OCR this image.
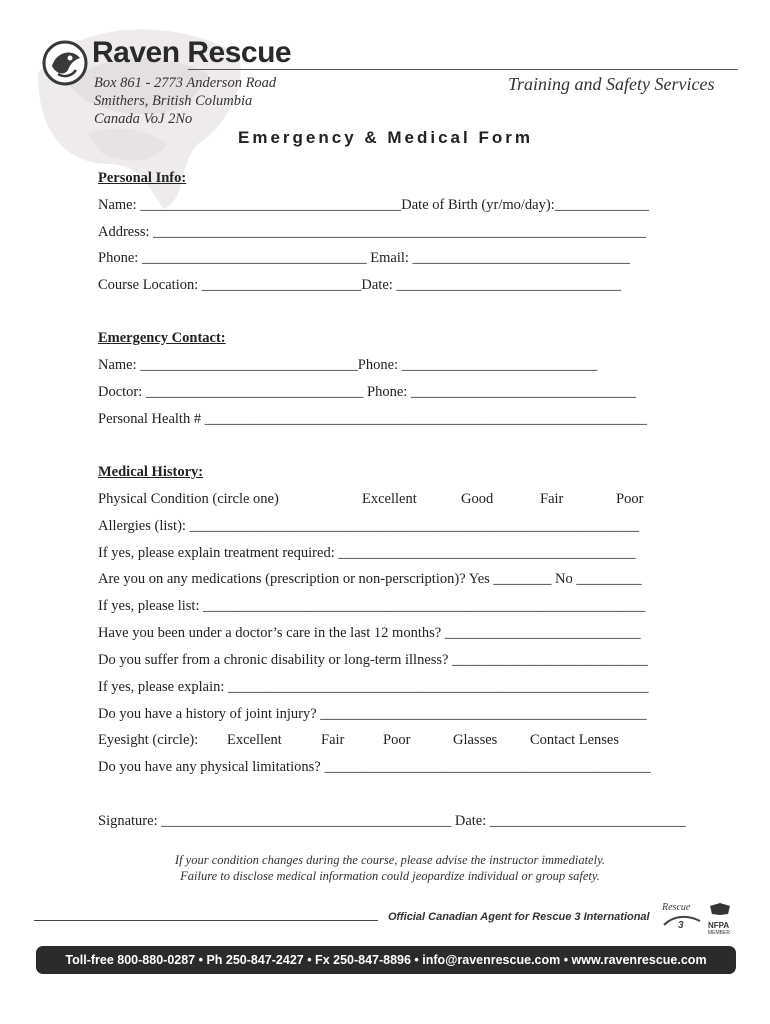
Raven Rescue
Box 861 - 2773 Anderson Road
Smithers, British Columbia
Canada VoJ 2No
Training and Safety Services
Emergency & Medical Form
Personal Info:
Name: ____________________________________Date of Birth (yr/mo/day):_____________
Address: ____________________________________________________________________
Phone: _______________________________ Email: ______________________________
Course Location: ______________________Date: _______________________________
Emergency Contact:
Name: ______________________________Phone: ___________________________
Doctor: ______________________________ Phone: _______________________________
Personal Health # _____________________________________________________________
Medical History:
Physical Condition (circle one)	Excellent	Good	Fair	Poor
Allergies (list): ______________________________________________________________
If yes, please explain treatment required: _________________________________________
Are you on any medications (prescription or non-perscription)? Yes ________ No _________
If yes, please list: _____________________________________________________________
Have you been under a doctor’s care in the last 12 months? ___________________________
Do you suffer from a chronic disability or long-term illness? ___________________________
If yes, please explain: __________________________________________________________
Do you have a history of joint injury? _____________________________________________
Eyesight (circle): Excellent	Fair	Poor	Glasses Contact Lenses
Do you have any physical limitations? _____________________________________________
Signature: ________________________________________ Date: ___________________________
If your condition changes during the course, please advise the instructor immediately.
Failure to disclose medical information could jeopardize individual or group safety.
Official Canadian Agent for Rescue 3 International
Rescue
3	NFPA
MEMBER
Toll-free 800-880-0287 • Ph 250-847-2427 • Fx 250-847-8896 • info@ravenrescue.com • www.ravenrescue.com
